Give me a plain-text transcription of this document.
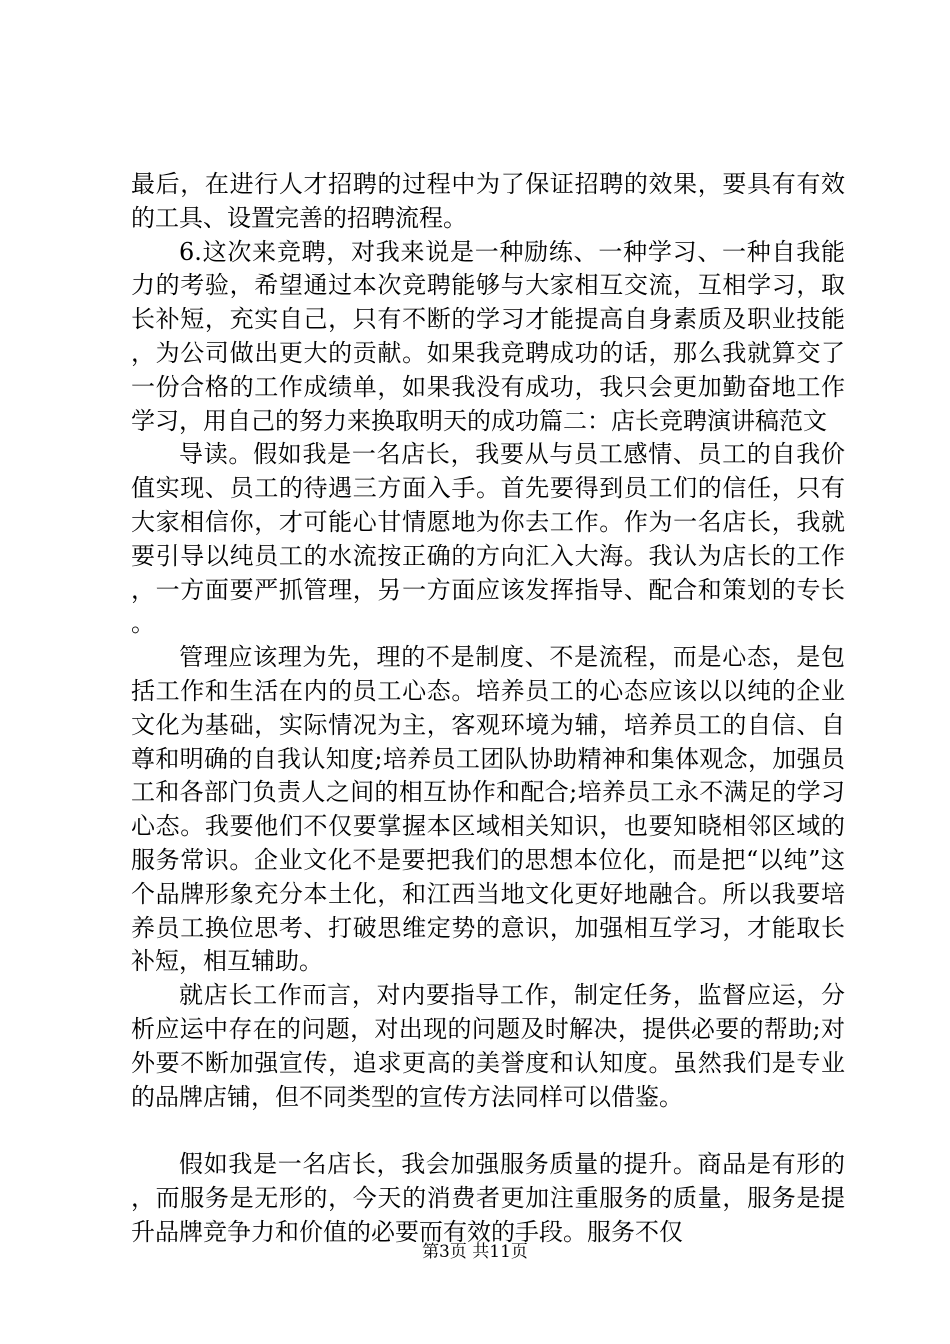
最后，在进行人才招聘的过程中为了保证招聘的效果，要具有有效的工具、设置完善的招聘流程。

6.这次来竞聘，对我来说是一种励练、一种学习、一种自我能力的考验，希望通过本次竞聘能够与大家相互交流，互相学习，取长补短，充实自己，只有不断的学习才能提高自身素质及职业技能，为公司做出更大的贡献。如果我竞聘成功的话，那么我就算交了一份合格的工作成绩单，如果我没有成功，我只会更加勤奋地工作学习，用自己的努力来换取明天的成功篇二：店长竞聘演讲稿范文

导读。假如我是一名店长，我要从与员工感情、员工的自我价值实现、员工的待遇三方面入手。首先要得到员工们的信任，只有大家相信你，才可能心甘情愿地为你去工作。作为一名店长，我就要引导以纯员工的水流按正确的方向汇入大海。我认为店长的工作，一方面要严抓管理，另一方面应该发挥指导、配合和策划的专长。

管理应该理为先，理的不是制度、不是流程，而是心态，是包括工作和生活在内的员工心态。培养员工的心态应该以以纯的企业文化为基础，实际情况为主，客观环境为辅，培养员工的自信、自尊和明确的自我认知度;培养员工团队协助精神和集体观念，加强员工和各部门负责人之间的相互协作和配合;培养员工永不满足的学习心态。我要他们不仅要掌握本区域相关知识，也要知晓相邻区域的服务常识。企业文化不是要把我们的思想本位化，而是把“以纯”这个品牌形象充分本土化，和江西当地文化更好地融合。所以我要培养员工换位思考、打破思维定势的意识，加强相互学习，才能取长补短，相互辅助。

就店长工作而言，对内要指导工作，制定任务，监督应运，分析应运中存在的问题，对出现的问题及时解决，提供必要的帮助;对外要不断加强宣传，追求更高的美誉度和认知度。虽然我们是专业的品牌店铺，但不同类型的宣传方法同样可以借鉴。

假如我是一名店长，我会加强服务质量的提升。商品是有形的，而服务是无形的，今天的消费者更加注重服务的质量，服务是提升品牌竞争力和价值的必要而有效的手段。服务不仅

第3页 共11页
